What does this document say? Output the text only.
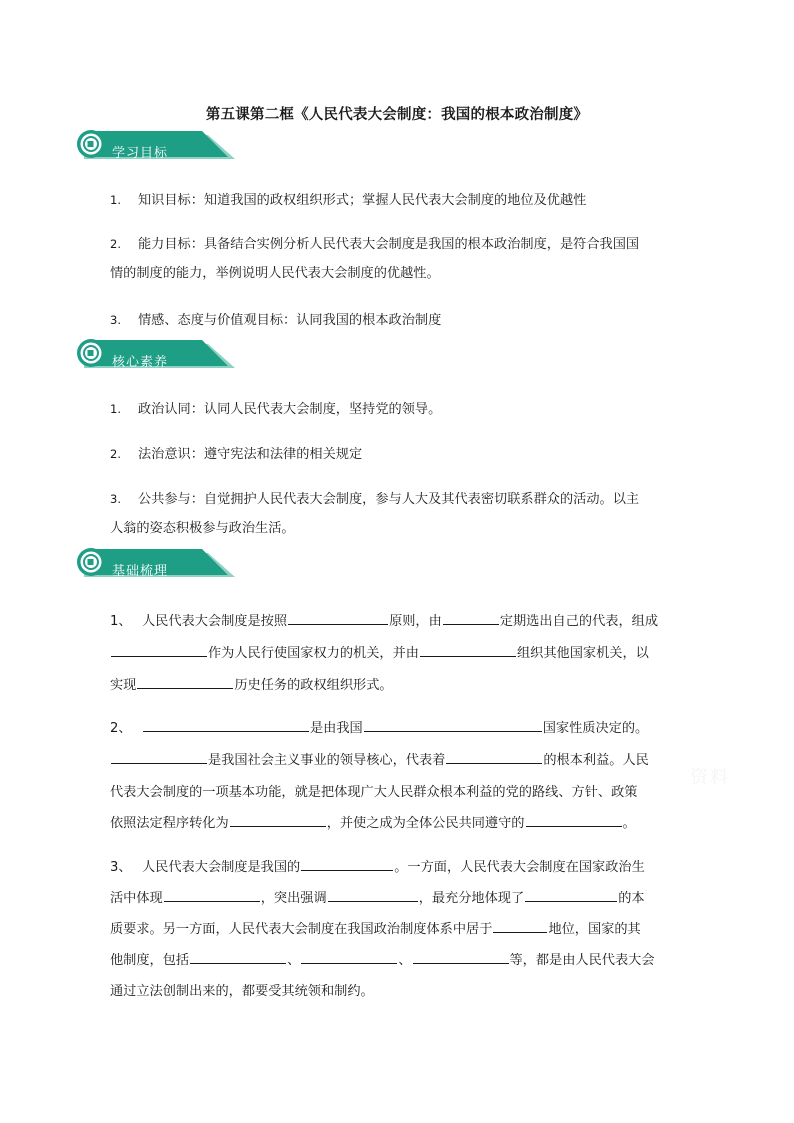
第五课第二框《人民代表大会制度：我国的根本政治制度》
学习目标
1. 知识目标：知道我国的政权组织形式；掌握人民代表大会制度的地位及优越性
2. 能力目标：具备结合实例分析人民代表大会制度是我国的根本政治制度，是符合我国国
情的制度的能力，举例说明人民代表大会制度的优越性。
3. 情感、态度与价值观目标：认同我国的根本政治制度
核心素养
1. 政治认同：认同人民代表大会制度，坚持党的领导。
2. 法治意识：遵守宪法和法律的相关规定
3. 公共参与：自觉拥护人民代表大会制度，参与人大及其代表密切联系群众的活动。以主
人翁的姿态积极参与政治生活。
基础梳理
1、 人民代表大会制度是按照	原则，由	定期选出自己的代表，组成
作为人民行使国家权力的机关，并由	组织其他国家机关，以
实现	历史任务的政权组织形式。
2、	是由我国	国家性质决定的。
是我国社会主义事业的领导核心，代表着	的根本利益。人民
代表大会制度的一项基本功能，就是把体现广大人民群众根本利益的党的路线、方针、政策
依照法定程序转化为	，并使之成为全体公民共同遵守的	。
资料
3、 人民代表大会制度是我国的	。一方面，人民代表大会制度在国家政治生
活中体现	，突出强调	，最充分地体现了	的本
质要求。另一方面，人民代表大会制度在我国政治制度体系中居于	地位，国家的其
他制度，包括	、	、	等，都是由人民代表大会
通过立法创制出来的，都要受其统领和制约。
